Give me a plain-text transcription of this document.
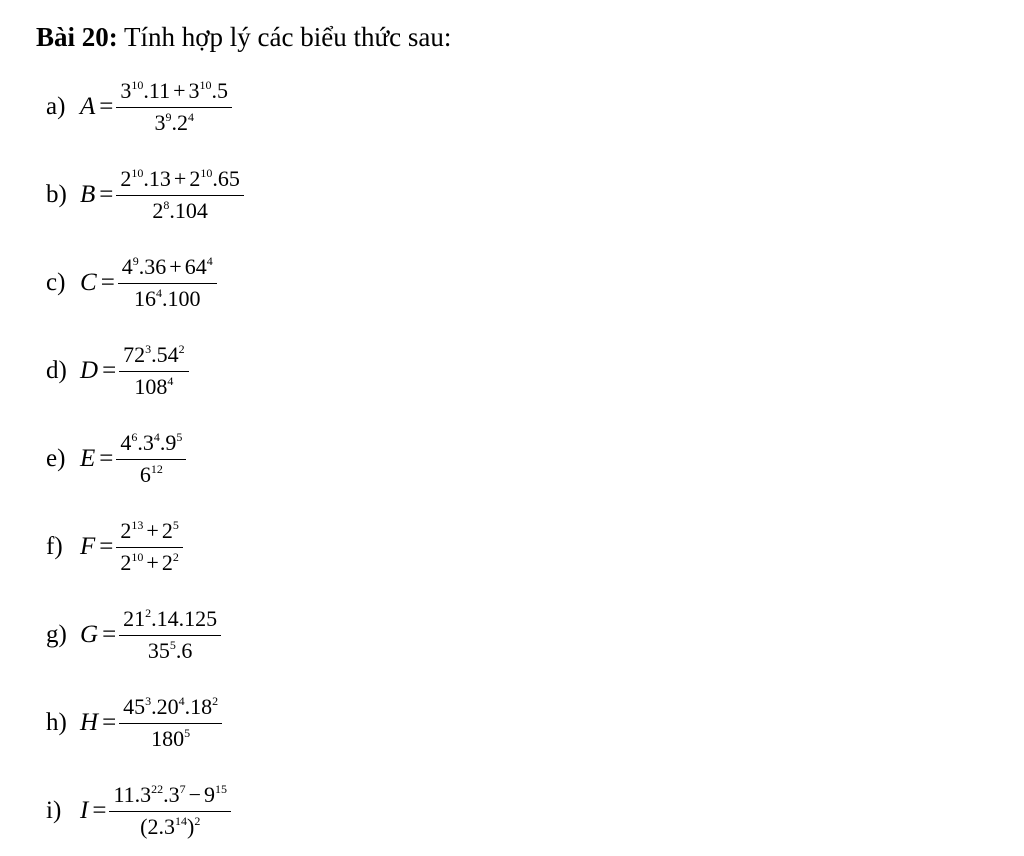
Bài 20: Tính hợp lý các biểu thức sau:
a) $A = \frac{3^{10}.11 + 3^{10}.5}{3^9.2^4}$
b) $B = \frac{2^{10}.13 + 2^{10}.65}{2^8.104}$
c) $C = \frac{4^9.36 + 64^4}{16^4.100}$
d) $D = \frac{72^3.54^2}{108^4}$
e) $E = \frac{4^6.3^4.9^5}{6^{12}}$
f) $F = \frac{2^{13} + 2^5}{2^{10} + 2^2}$
g) $G = \frac{21^2.14.125}{35^5.6}$
h) $H = \frac{45^3.20^4.18^2}{180^5}$
i) $I = \frac{11.3^{22}.3^7 - 9^{15}}{(2.3^{14})^2}$
